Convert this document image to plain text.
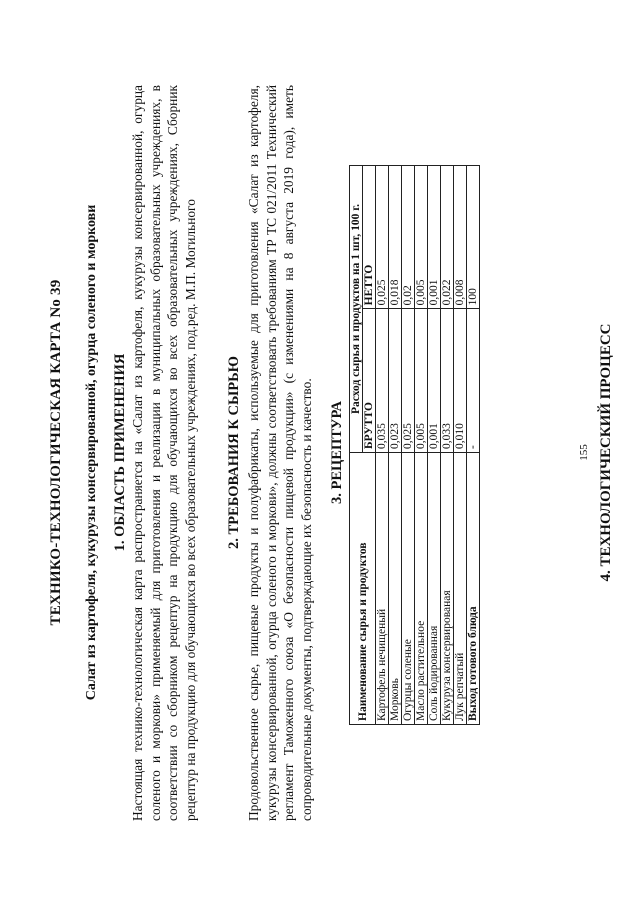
ТЕХНИКО-ТЕХНОЛОГИЧЕСКАЯ КАРТА No 39 Салат из картофеля, кукурузы консервированной, огурца соленого и моркови 1. ОБЛАСТЬ ПРИМЕНЕНИЯ Настоящая технико-технологическая карта распространяется на «Салат из картофеля, кукурузы консервированной, огурца соленого и моркови» применяемый для приготовления и реализации в муниципальных образовательных учреждениях, в соответствии со сборником рецептур на продукцию для обучающихся во всех образовательных учреждениях, Сборник рецептур на продукцию для обучающихся во всех образовательных учреждениях, под.ред. М.П. Могильного 2. ТРЕБОВАНИЯ К СЫРЬЮ Продовольственное сырье, пищевые продукты и полуфабрикаты, используемые для приготовления «Салат из картофеля, кукурузы консервированной, огурца соленого и моркови», должны соответствовать требованиям ТР ТС 021/2011 Технический регламент Таможенного союза «О безопасности пищевой продукции» (с изменениями на 8 августа 2019 года), иметь сопроводительные документы, подтверждающие их безопасность и качество. 3. РЕЦЕПТУРА
Наименование сырья и продуктов	Расход сырья и продуктов на 1 шт, 100 г.	
	БРУТТО	НЕТТО
Картофель нечищеный	0,035	0,025
Морковь	0,023	0,018
Огурцы соленые	0,025	0,02
Масло растительное	0,005	0,005
Соль йодированная	0,001	0,001
Кукуруза консервированая	0,033	0,022
Лук репчатый	0,010	0,008
Выход готового блюда	-	100
155 4. ТЕХНОЛОГИЧЕСКИЙ ПРОЦЕСС
